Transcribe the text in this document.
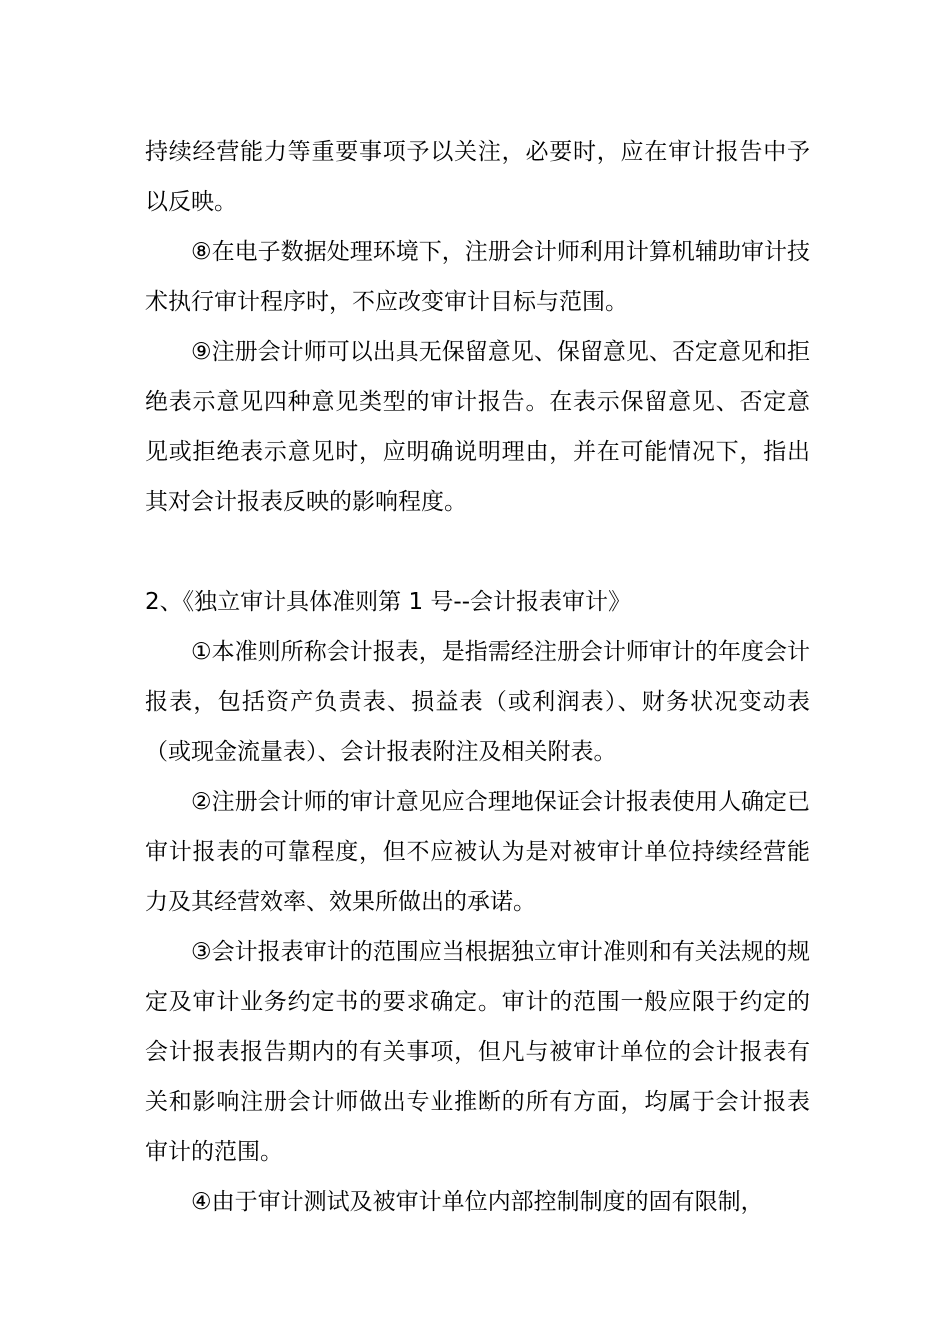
持续经营能力等重要事项予以关注，必要时，应在审计报告中予以反映。

⑧在电子数据处理环境下，注册会计师利用计算机辅助审计技术执行审计程序时，不应改变审计目标与范围。

⑨注册会计师可以出具无保留意见、保留意见、否定意见和拒绝表示意见四种意见类型的审计报告。在表示保留意见、否定意见或拒绝表示意见时，应明确说明理由，并在可能情况下，指出其对会计报表反映的影响程度。

2、《独立审计具体准则第 1 号--会计报表审计》

①本准则所称会计报表，是指需经注册会计师审计的年度会计报表，包括资产负责表、损益表（或利润表）、财务状况变动表（或现金流量表）、会计报表附注及相关附表。

②注册会计师的审计意见应合理地保证会计报表使用人确定已审计报表的可靠程度，但不应被认为是对被审计单位持续经营能力及其经营效率、效果所做出的承诺。

③会计报表审计的范围应当根据独立审计准则和有关法规的规定及审计业务约定书的要求确定。审计的范围一般应限于约定的会计报表报告期内的有关事项，但凡与被审计单位的会计报表有关和影响注册会计师做出专业推断的所有方面，均属于会计报表审计的范围。

④由于审计测试及被审计单位内部控制制度的固有限制，
